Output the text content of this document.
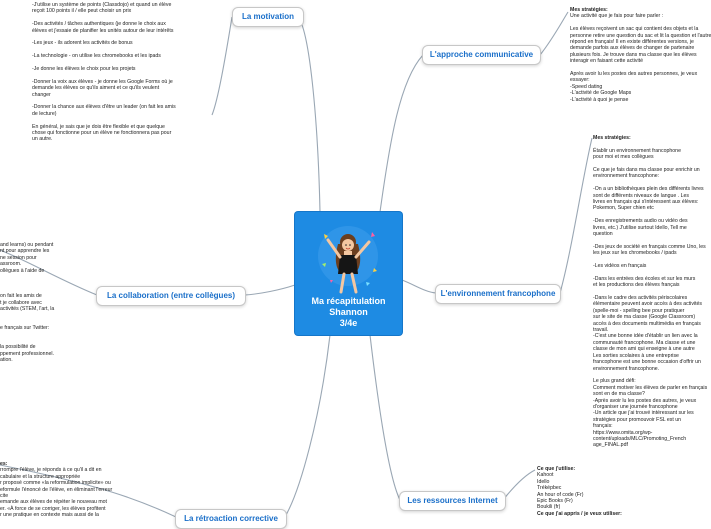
Ma récapitulation
Shannon
3/4e
La motivation
L'approche communicative
L'environnement francophone
La collaboration (entre collègues)
Les ressources Internet
La rétroaction corrective
-J'utilise un système de points (Classdojo) et quand un élève
reçoit 100 points il / elle peut choisir un prix
-Des activités / tâches authentiques (je donne le choix aux
élèves et j'essaie de planifier les unités autour de leur intérêts
-Les jeux - ils adorent les activités de bonus
-La technologie - on utilise les chromebooks et les ipads
-Je donne les élèves le choix pour les projets
-Donner la voix aux élèves - je donne les Google Forms où je
demande les élèves ce qu'ils aiment et ce qu'ils veulent
changer
-Donner la chance aux élèves d'être un leader (on fait les amis
de lecture)
En général, je sais que je dois être flexible et que quelque
chose qui fonctionne pour un élève ne fonctionnera pas pour
un autre.
Mes stratégies:
Une activité que je fais pour faire parler :
Les élèves reçoivent un sac qui contient des objets et la
personne retire une question du sac et lit la question et l'autre
répond en français! Il en existe différentes versions, je
demande parfois aux élèves de changer de partenaire
plusieurs fois. Je trouve dans ma classe que les élèves
interagir en faisant cette activité
Après avoir lu les postes des autres personnes, je veux
essayer:
-Speed dating
-L'activité de Google Maps
-L'activité à quoi je pense
Mes stratégies:
Établir un environnement francophone
pour moi et mes collègues
Ce que je fais dans ma classe pour enrichir un
environnement francophone:
-On a un bibliothèques plein des différents livres
sont de différents niveaux de langue . Les
livres en français qui s'intéressent aux élèves:
Pokemon, Super chien etc
-Des enregistrements audio ou vidéo des
livres, etc.) J'utilise surtout Idello, Tell me
question
-Des jeux de société en français comme Uno, les
les jeux sur les chromebooks / ipads
-Les vidéos en français
-Dans les entrées des écoles et sur les murs
et les productions des élèves français
-Dans le cadre des activités périscolaires
élémentaire peuvent avoir accès à des activités
(spelle-moi - spelling bee pour pratiquer
sur le site de ma classe (Google Classroom)
accès à des documents multimédia en français
travail.
-C'est une bonne idée d'établir un lien avec la
communauté francophone. Ma classe et une
classe de mon ami qui enseigne à une autre
Les sorties scolaires à une entreprise
francophone est une bonne occasion d'offrir un
environnement francophone.
Le plus grand défi:
Comment motiver les élèves de parler en français
sont en de ma classe?
-Après avoir lu les postes des autres, je veux
d'organiser une journée francophone
-Un article que j'ai trouvé intéressant sur les
stratégies pour promouvoir FSL est un
français:
https://www.omita.org/wp-
content/uploads/MLC/Promoting_French
age_FINAL.pdf
and learns) ou pendant
nt pour apprendre les
ne session pour
assroom.
ollègues à l'aide de
on fait les amis de
t je collabore avec
activités (STEM, l'art, la
e français sur Twitter:
la possibilité de
ppement professionnel.
ation.
Ce que j'utilise:
Kahoot
Idello
Tréképbec
An hour of code (Fr)
Epic Books (Fr)
Boukili (fr)
Ce que j'ai appris / je veux utiliser:
es:
rrompre l'élève, je réponds à ce qu'il a dit en
cabulaire et la structure appropriée
r proposé comme «la reformulation implicite» ou
eformule l'énoncé de l'élève, en éliminant l'erreur
cite
emande aux élèves de répéter le nouveau mot
er. «À force de se corriger, les élèves profitent
r une pratique en contexte mais aussi de la
